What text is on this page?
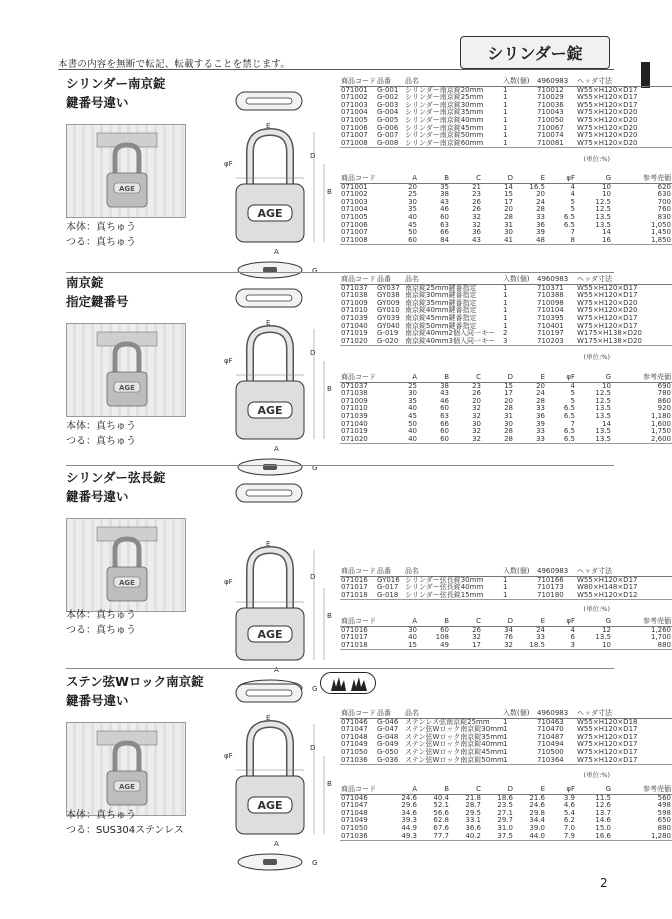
本書の内容を無断で転記、転載することを禁じます。
シリンダー錠
シリンダー南京錠
鍵番号違い
AGE
本体：真ちゅう
つる：真ちゅう
AGE
D
B
A
E
φF
G
商品コード	品番	品名	入数(個)	4960983	ヘッダ寸法
071001	G-001	シリンダー南京錠20mm	1	710012	W55×H120×D17
071002	G-002	シリンダー南京錠25mm	1	710029	W55×H120×D17
071003	G-003	シリンダー南京錠30mm	1	710036	W55×H120×D17
071004	G-004	シリンダー南京錠35mm	1	710043	W75×H120×D20
071005	G-005	シリンダー南京錠40mm	1	710050	W75×H120×D20
071006	G-006	シリンダー南京錠45mm	1	710067	W75×H120×D20
071007	G-007	シリンダー南京錠50mm	1	710074	W75×H120×D20
071008	G-008	シリンダー南京錠60mm	1	710081	W75×H120×D20
(単位:%)
商品コード	A	B	C	D	E	φF	G	参考売価
071001	20	35	21	14	16.5	4	10	620
071002	25	38	23	15	20	4	10	630
071003	30	43	26	17	24	5	12.5	700
071004	35	46	26	20	28	5	12.5	760
071005	40	60	32	28	33	6.5	13.5	830
071006	45	63	32	31	36	6.5	13.5	1,050
071007	50	66	36	30	39	7	14	1,450
071008	60	84	43	41	48	8	16	1,850
南京錠
指定鍵番号
AGE
本体：真ちゅう
つる：真ちゅう
AGE
D
B
A
E
φF
G
商品コード	品番	品名	入数(個)	4960983	ヘッダ寸法
071037	GY037	南京錠25mm鍵番指定	1	710371	W55×H120×D17
071038	GY038	南京錠30mm鍵番指定	1	710388	W55×H120×D17
071009	GY009	南京錠35mm鍵番指定	1	710098	W75×H120×D20
071010	GY010	南京錠40mm鍵番指定	1	710104	W75×H120×D20
071039	GY039	南京錠45mm鍵番指定	1	710395	W75×H120×D17
071040	GY040	南京錠50mm鍵番指定	1	710401	W75×H120×D17
071019	G-019	南京錠40mm2個入同一キー	2	710197	W175×H138×D20
071020	G-020	南京錠40mm3個入同一キー	3	710203	W175×H138×D20
(単位:%)
商品コード	A	B	C	D	E	φF	G	参考売価
071037	25	38	23	15	20	4	10	690
071038	30	43	26	17	24	5	12.5	780
071009	35	46	20	20	28	5	12.5	860
071010	40	60	32	28	33	6.5	13.5	920
071039	45	63	32	31	36	6.5	13.5	1,180
071040	50	66	30	30	39	7	14	1,600
071019	40	60	32	28	33	6.5	13.5	1,750
071020	40	60	32	28	33	6.5	13.5	2,600
シリンダー弦長錠
鍵番号違い
AGE
本体：真ちゅう
つる：真ちゅう	AGE
D
B
A
E
φF
G
商品コード	品番	品名	入数(個)	4960983	ヘッダ寸法
071016	GY016	シリンダー弦長錠30mm	1	710166	W55×H120×D17
071017	G-017	シリンダー弦長錠40mm	1	710173	W80×H148×D17
071018	G-018	シリンダー弦長錠15mm	1	710180	W55×H120×D12
(単位:%)
商品コード	A	B	C	D	E	φF	G	参考売価
071016	30	60	26	34	24	4	12	1,260
071017	40	108	32	76	33	6	13.5	1,700
071018	15	49	17	32	18.5	3	10	880
ステン弦Wロック南京錠
鍵番号違い
AGE
本体：真ちゅう
つる：SUS304ステンレス
AGE
D
B
A
E
φF
G
商品コード	品番	品名	入数(個)	4960983	ヘッダ寸法
071046	G-046	ステンレス弦南京錠25mm	1	710463	W55×H120×D18
071047	G-047	ステン弦Wロック南京錠30mm	1	710470	W55×H120×D17
071048	G-048	ステン弦Wロック南京錠35mm	1	710487	W75×H120×D17
071049	G-049	ステン弦Wロック南京錠40mm	1	710494	W75×H120×D17
071050	G-050	ステン弦Wロック南京錠45mm	1	710500	W75×H120×D17
071036	G-036	ステン弦Wロック南京錠50mm	1	710364	W75×H120×D17
(単位:%)
商品コード	A	B	C	D	E	φF	G	参考売価
071046	24.6	40.4	21.8	18.6	21.6	3.9	11.5	560
071047	29.6	52.1	28.7	23.5	24.6	4.6	12.6	498
071048	34.6	56.6	29.5	27.1	29.8	5.4	13.7	598
071049	39.3	62.8	33.1	29.7	34.4	6.2	14.6	650
071050	44.9	67.6	36.6	31.0	39.0	7.0	15.0	880
071036	49.3	77.7	40.2	37.5	44.0	7.9	16.6	1,280
2
